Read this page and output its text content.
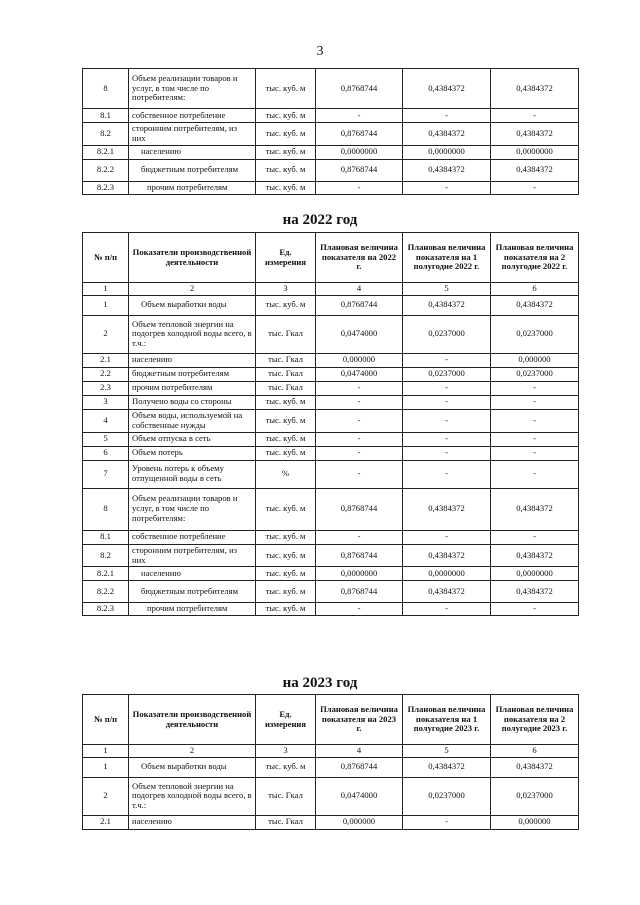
3
8	Объем реализации товаров и услуг, в том числе по потребителям:	тыс. куб. м	0,8768744	0,4384372	0,4384372
8.1	собственное потребление	тыс. куб. м	-	-	-
8.2	сторонним потребителям, из них	тыс. куб. м	0,8768744	0,4384372	0,4384372
8.2.1	населению	тыс. куб. м	0,0000000	0,0000000	0,0000000
8.2.2	бюджетным потребителям	тыс. куб. м	0,8768744	0,4384372	0,4384372
8.2.3	прочим потребителям	тыс. куб. м	-	-	-
на 2022 год
№ п/п	Показатели производственной деятельности	Ед. измерения	Плановая величина показателя на 2022 г.	Плановая величина показателя на 1 полугодие 2022 г.	Плановая величина показателя на 2 полугодие 2022 г.
1	2	3	4	5	6
1	Объем выработки воды	тыс. куб. м	0,8768744	0,4384372	0,4384372
2	Объем тепловой энергии на подогрев холодной воды всего, в т.ч.:	тыс. Гкал	0,0474000	0,0237000	0,0237000
2.1	населению	тыс. Гкал	0,000000	-	0,000000
2.2	бюджетным потребителям	тыс. Гкал	0,0474000	0,0237000	0,0237000
2.3	прочим потребителям	тыс. Гкал	-	-	-
3	Получено воды со стороны	тыс. куб. м	-	-	-
4	Объем воды, используемой на собственные нужды	тыс. куб. м	-	-	-
5	Объем отпуска в сеть	тыс. куб. м	-	-	-
6	Объем потерь	тыс. куб. м	-	-	-
7	Уровень потерь к объему отпущенной воды в сеть	%	-	-	-
8	Объем реализации товаров и услуг, в том числе по потребителям:	тыс. куб. м	0,8768744	0,4384372	0,4384372
8.1	собственное потребление	тыс. куб. м	-	-	-
8.2	сторонним потребителям, из них	тыс. куб. м	0,8768744	0,4384372	0,4384372
8.2.1	населению	тыс. куб. м	0,0000000	0,0000000	0,0000000
8.2.2	бюджетным потребителям	тыс. куб. м	0,8768744	0,4384372	0,4384372
8.2.3	прочим потребителям	тыс. куб. м	-	-	-
на 2023 год
№ п/п	Показатели производственной деятельности	Ед. измерения	Плановая величина показателя на 2023 г.	Плановая величина показателя на 1 полугодие 2023 г.	Плановая величина показателя на 2 полугодие 2023 г.
1	2	3	4	5	6
1	Объем выработки воды	тыс. куб. м	0,8768744	0,4384372	0,4384372
2	Объем тепловой энергии на подогрев холодной воды всего, в т.ч.:	тыс. Гкал	0,0474000	0,0237000	0,0237000
2.1	населению	тыс. Гкал	0,000000	-	0,000000
